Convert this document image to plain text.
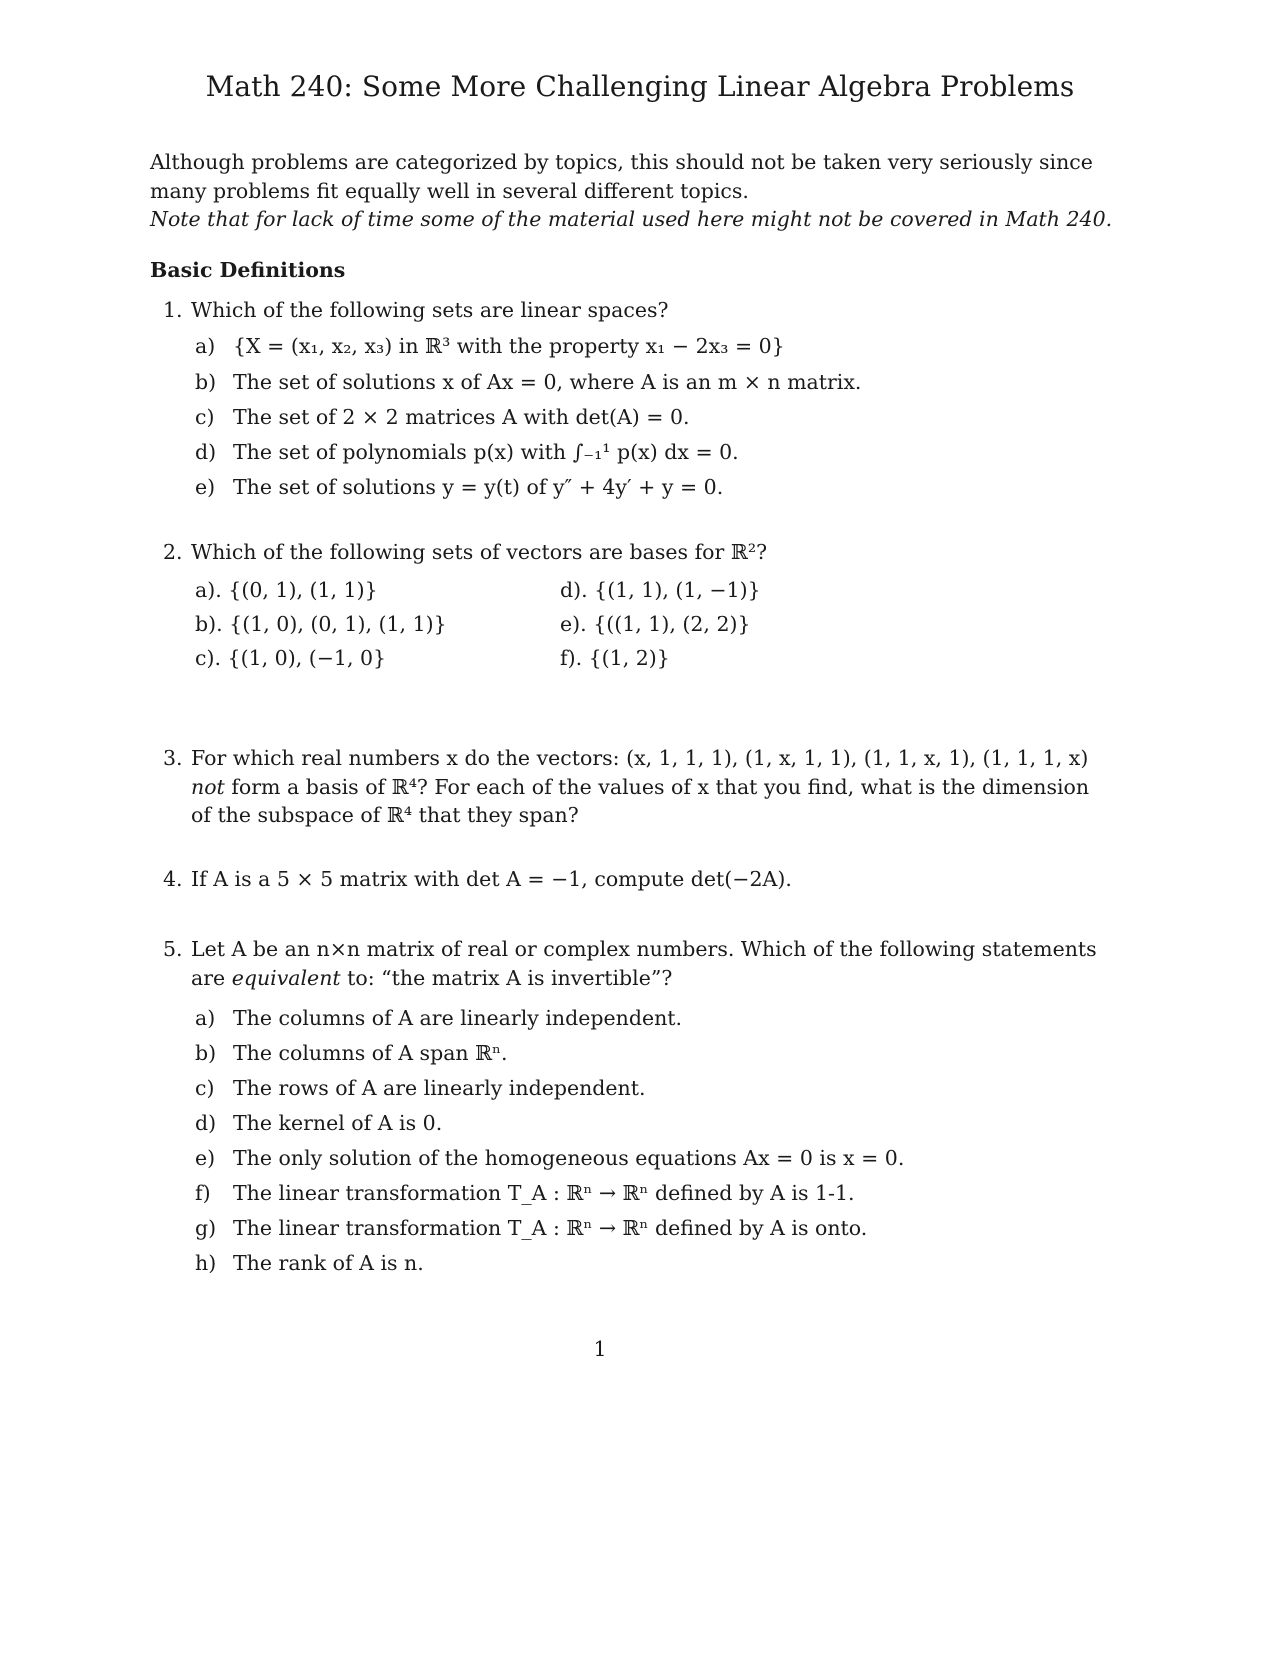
Math 240: Some More Challenging Linear Algebra Problems
Although problems are categorized by topics, this should not be taken very seriously since
many problems fit equally well in several different topics.
Note that for lack of time some of the material used here might not be covered in Math 240.
Basic Definitions
1. Which of the following sets are linear spaces?
a) {X = (x₁, x₂, x₃) in ℝ³ with the property x₁ − 2x₃ = 0}
b) The set of solutions x of Ax = 0, where A is an m × n matrix.
c) The set of 2 × 2 matrices A with det(A) = 0.
d) The set of polynomials p(x) with ∫₋₁¹ p(x) dx = 0.
e) The set of solutions y = y(t) of y″ + 4y′ + y = 0.
2. Which of the following sets of vectors are bases for ℝ²?
a). {(0, 1), (1, 1)}
b). {(1, 0), (0, 1), (1, 1)}
c). {(1, 0), (−1, 0}
d). {(1, 1), (1, −1)}
e). {((1, 1), (2, 2)}
f). {(1, 2)}
3. For which real numbers x do the vectors: (x, 1, 1, 1), (1, x, 1, 1), (1, 1, x, 1), (1, 1, 1, x)
not form a basis of ℝ⁴? For each of the values of x that you find, what is the dimension
of the subspace of ℝ⁴ that they span?
4. If A is a 5 × 5 matrix with det A = −1, compute det(−2A).
5. Let A be an n×n matrix of real or complex numbers. Which of the following statements
are equivalent to: “the matrix A is invertible”?
a) The columns of A are linearly independent.
b) The columns of A span ℝⁿ.
c) The rows of A are linearly independent.
d) The kernel of A is 0.
e) The only solution of the homogeneous equations Ax = 0 is x = 0.
f) The linear transformation T_A : ℝⁿ → ℝⁿ defined by A is 1-1.
g) The linear transformation T_A : ℝⁿ → ℝⁿ defined by A is onto.
h) The rank of A is n.
1
